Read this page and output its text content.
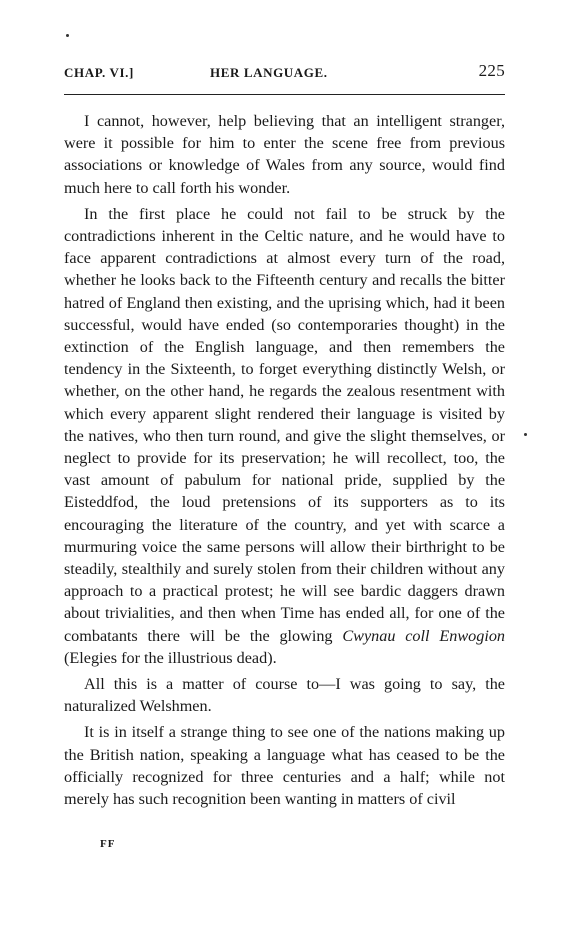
CHAP. VI.]	HER LANGUAGE.	225

I cannot, however, help believing that an intelligent stranger, were it possible for him to enter the scene free from previous associations or knowledge of Wales from any source, would find much here to call forth his wonder.

In the first place he could not fail to be struck by the contradictions inherent in the Celtic nature, and he would have to face apparent contradictions at almost every turn of the road, whether he looks back to the Fifteenth century and recalls the bitter hatred of England then existing, and the uprising which, had it been successful, would have ended (so contemporaries thought) in the extinction of the English language, and then remembers the tendency in the Sixteenth, to forget everything distinctly Welsh, or whether, on the other hand, he regards the zealous resentment with which every apparent slight rendered their language is visited by the natives, who then turn round, and give the slight themselves, or neglect to provide for its preservation; he will recollect, too, the vast amount of pabulum for national pride, supplied by the Eisteddfod, the loud pretensions of its supporters as to its encouraging the literature of the country, and yet with scarce a murmuring voice the same persons will allow their birthright to be steadily, stealthily and surely stolen from their children without any approach to a practical protest; he will see bardic daggers drawn about trivialities, and then when Time has ended all, for one of the combatants there will be the glowing Cwynau coll Enwogion (Elegies for the illustrious dead).

All this is a matter of course to—I was going to say, the naturalized Welshmen.

It is in itself a strange thing to see one of the nations making up the British nation, speaking a language what has ceased to be the officially recognized for three centuries and a half; while not merely has such recognition been wanting in matters of civil

FF
